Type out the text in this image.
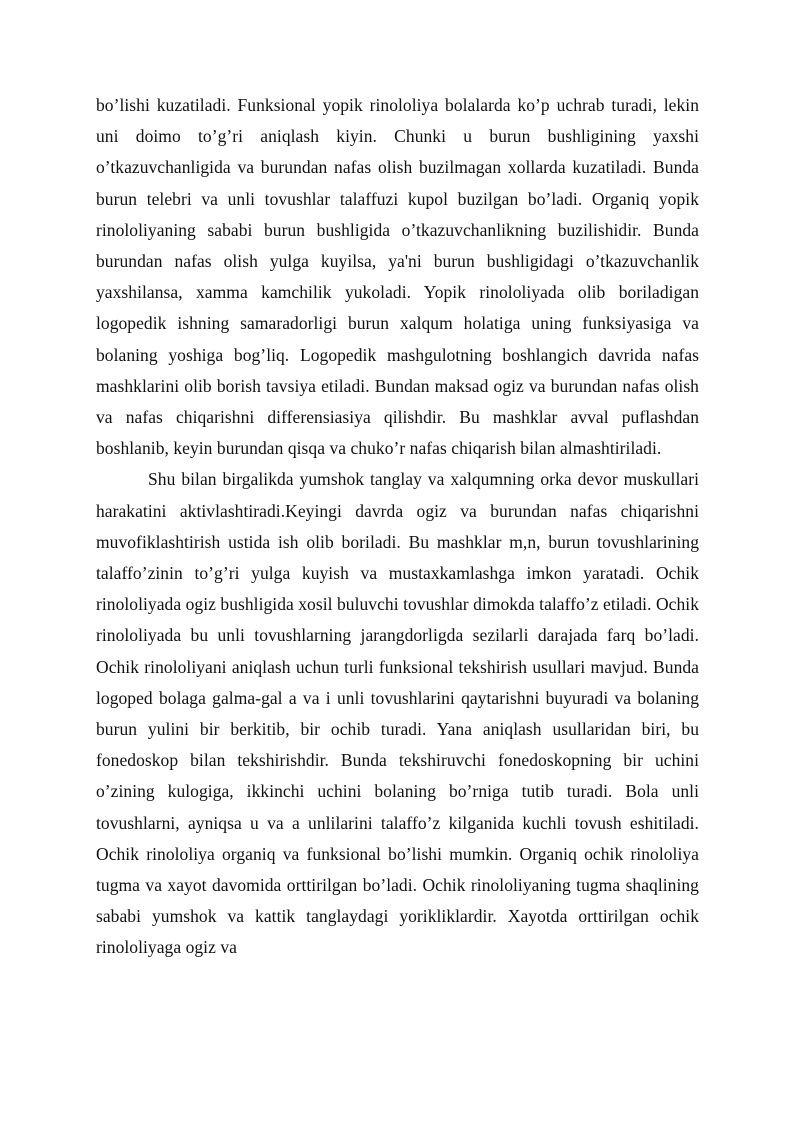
bo’lishi kuzatiladi. Funksional yopik rinololiya bolalarda ko’p uchrab turadi, lekin uni doimo to’g’ri aniqlash kiyin. Chunki u burun bushligining yaxshi o’tkazuvchanligida va burundan nafas olish buzilmagan xollarda kuzatiladi. Bunda burun telebri va unli tovushlar talaffuzi kupol buzilgan bo’ladi. Organiq yopik rinololiyaning sababi burun bushligida o’tkazuvchanlikning buzilishidir. Bunda burundan nafas olish yulga kuyilsa, ya'ni burun bushligidagi o’tkazuvchanlik yaxshilansa, xamma kamchilik yukoladi. Yopik rinololiyada olib boriladigan logopedik ishning samaradorligi burun xalqum holatiga uning funksiyasiga va bolaning yoshiga bog’liq. Logopedik mashgulotning boshlangich davrida nafas mashklarini olib borish tavsiya etiladi. Bundan maksad ogiz va burundan nafas olish va nafas chiqarishni differensiasiya qilishdir. Bu mashklar avval puflashdan boshlanib, keyin burundan qisqa va chuko’r nafas chiqarish bilan almashtiriladi.

Shu bilan birgalikda yumshok tanglay va xalqumning orka devor muskullari harakatini aktivlashtiradi.Keyingi davrda ogiz va burundan nafas chiqarishni muvofiklashtirish ustida ish olib boriladi. Bu mashklar m,n, burun tovushlarining talaffo’zinin to’g’ri yulga kuyish va mustaxkamlashga imkon yaratadi. Ochik rinololiyada ogiz bushligida xosil buluvchi tovushlar dimokda talaffo’z etiladi. Ochik rinololiyada bu unli tovushlarning jarangdorligda sezilarli darajada farq bo’ladi. Ochik rinololiyani aniqlash uchun turli funksional tekshirish usullari mavjud. Bunda logoped bolaga galma-gal a va i unli tovushlarini qaytarishni buyuradi va bolaning burun yulini bir berkitib, bir ochib turadi. Yana aniqlash usullaridan biri, bu fonedoskop bilan tekshirishdir. Bunda tekshiruvchi fonedoskopning bir uchini o’zining kulogiga, ikkinchi uchini bolaning bo’rniga tutib turadi. Bola unli tovushlarni, ayniqsa u va a unlilarini talaffo’z kilganida kuchli tovush eshitiladi. Ochik rinololiya organiq va funksional bo’lishi mumkin. Organiq ochik rinololiya tugma va xayot davomida orttirilgan bo’ladi. Ochik rinololiyaning tugma shaqlining sababi yumshok va kattik tanglaydagi yorikliklardir. Xayotda orttirilgan ochik rinololiyaga ogiz va
